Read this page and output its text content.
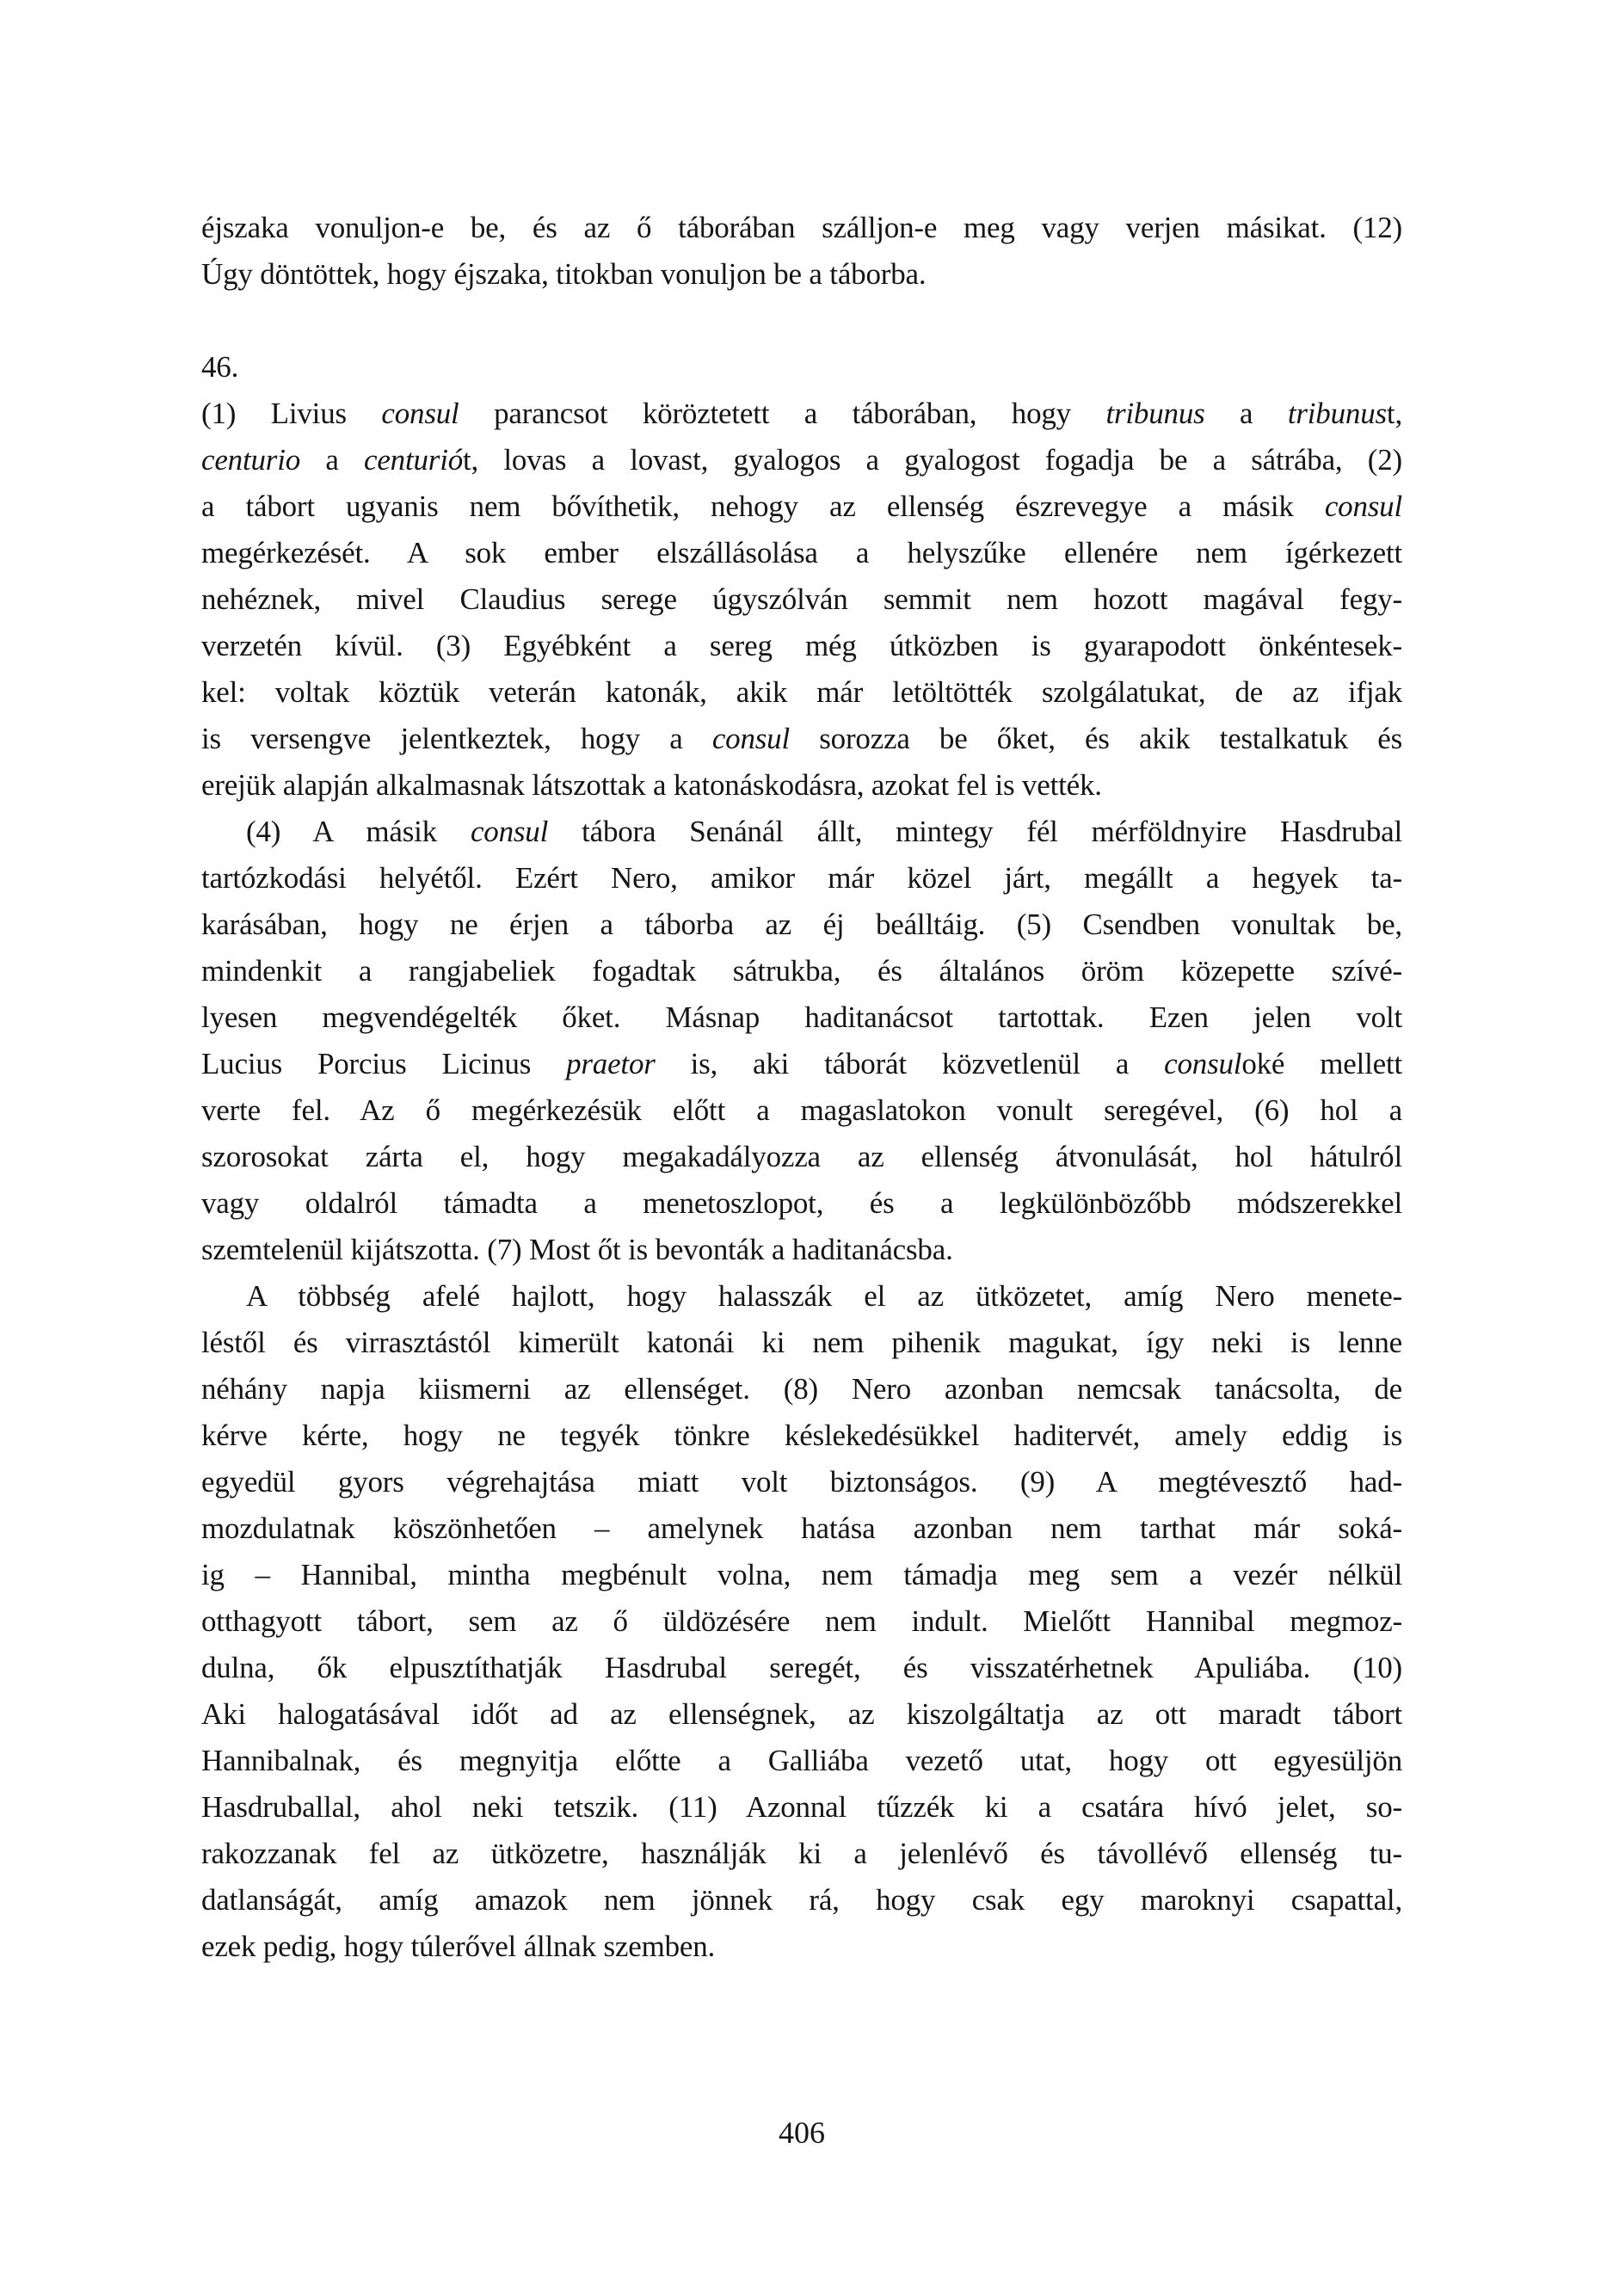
éjszaka vonuljon-e be, és az ő táborában szálljon-e meg vagy verjen másikat. (12)
Úgy döntöttek, hogy éjszaka, titokban vonuljon be a táborba.
46.
(1) Livius consul parancsot köröztetett a táborában, hogy tribunus a tribunust,
centurio a centuriót, lovas a lovast, gyalogos a gyalogost fogadja be a sátrába, (2)
a tábort ugyanis nem bővíthetik, nehogy az ellenség észrevegye a másik consul
megérkezését. A sok ember elszállásolása a helyszűke ellenére nem ígérkezett
nehéznek, mivel Claudius serege úgyszólván semmit nem hozott magával fegy-
verzetén kívül. (3) Egyébként a sereg még útközben is gyarapodott önkéntesek-
kel: voltak köztük veterán katonák, akik már letöltötték szolgálatukat, de az ifjak
is versengve jelentkeztek, hogy a consul sorozza be őket, és akik testalkatuk és
erejük alapján alkalmasnak látszottak a katonáskodásra, azokat fel is vették.
(4) A másik consul tábora Senánál állt, mintegy fél mérföldnyire Hasdrubal
tartózkodási helyétől. Ezért Nero, amikor már közel járt, megállt a hegyek ta-
karásában, hogy ne érjen a táborba az éj beálltáig. (5) Csendben vonultak be,
mindenkit a rangjabeliek fogadtak sátrukba, és általános öröm közepette szívé-
lyesen megvendégelték őket. Másnap haditanácsot tartottak. Ezen jelen volt
Lucius Porcius Licinus praetor is, aki táborát közvetlenül a consuloké mellett
verte fel. Az ő megérkezésük előtt a magaslatokon vonult seregével, (6) hol a
szorosokat zárta el, hogy megakadályozza az ellenség átvonulását, hol hátulról
vagy oldalról támadta a menetoszlopot, és a legkülönbözőbb módszerekkel
szemtelenül kijátszotta. (7) Most őt is bevonták a haditanácsba.
A többség afelé hajlott, hogy halasszák el az ütközetet, amíg Nero menete-
léstől és virrasztástól kimerült katonái ki nem pihenik magukat, így neki is lenne
néhány napja kiismerni az ellenséget. (8) Nero azonban nemcsak tanácsolta, de
kérve kérte, hogy ne tegyék tönkre késlekedésükkel haditervét, amely eddig is
egyedül gyors végrehajtása miatt volt biztonságos. (9) A megtévesztő had-
mozdulatnak köszönhetően – amelynek hatása azonban nem tarthat már soká-
ig – Hannibal, mintha megbénult volna, nem támadja meg sem a vezér nélkül
otthagyott tábort, sem az ő üldözésére nem indult. Mielőtt Hannibal megmoz-
dulna, ők elpusztíthatják Hasdrubal seregét, és visszatérhetnek Apuliába. (10)
Aki halogatásával időt ad az ellenségnek, az kiszolgáltatja az ott maradt tábort
Hannibalnak, és megnyitja előtte a Galliába vezető utat, hogy ott egyesüljön
Hasdruballal, ahol neki tetszik. (11) Azonnal tűzzék ki a csatára hívó jelet, so-
rakozzanak fel az ütközetre, használják ki a jelenlévő és távollévő ellenség tu-
datlanságát, amíg amazok nem jönnek rá, hogy csak egy maroknyi csapattal,
ezek pedig, hogy túlerővel állnak szemben.
406
